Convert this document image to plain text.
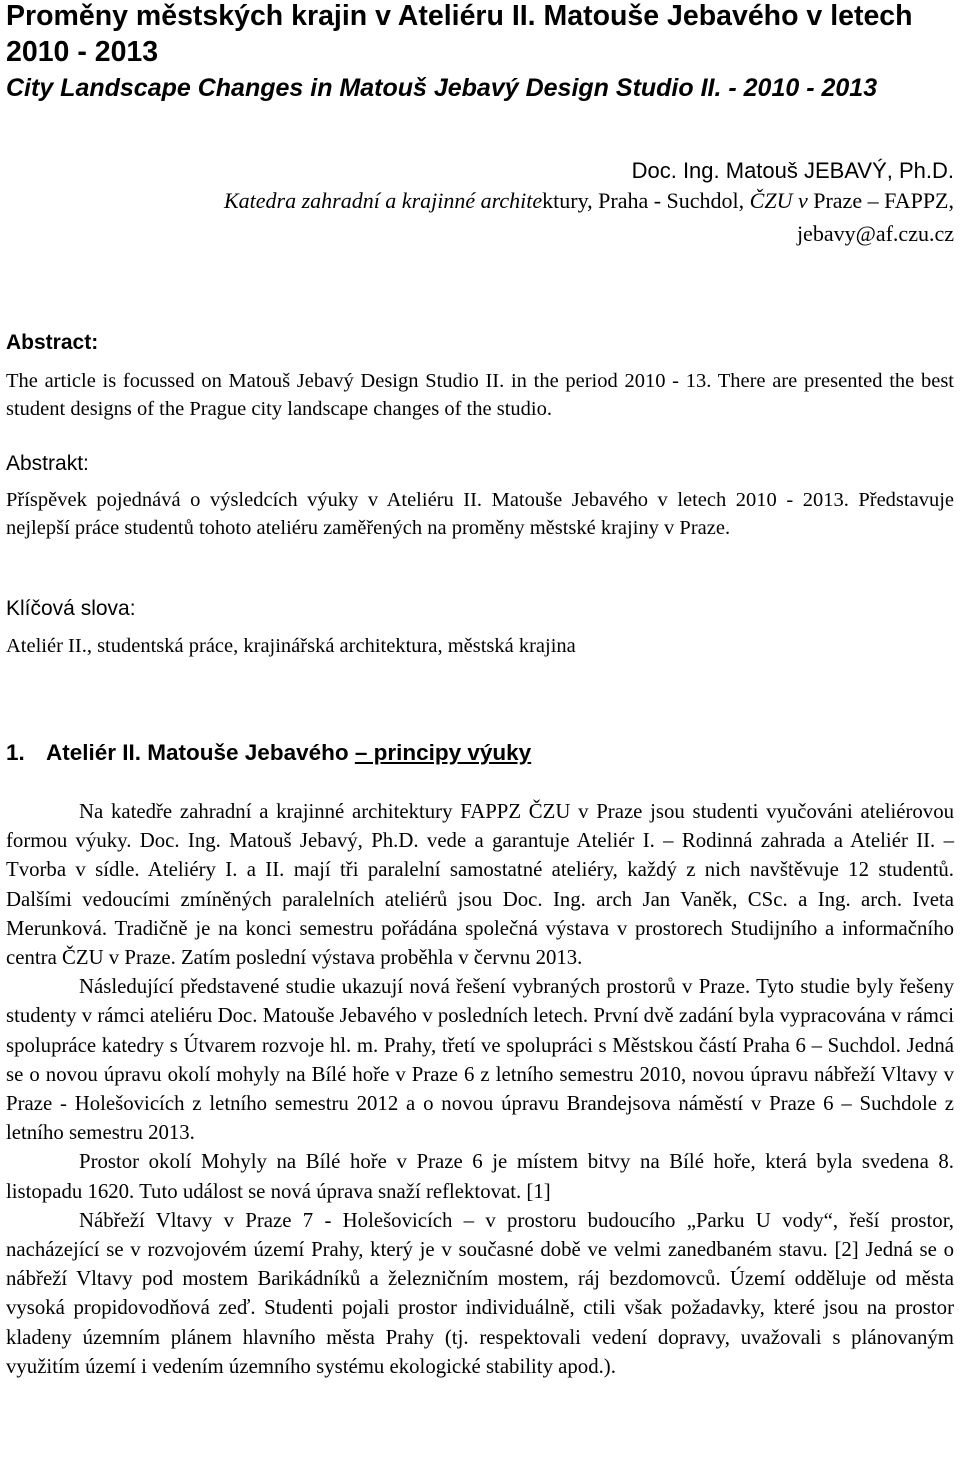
Proměny městských krajin v Ateliéru II. Matouše Jebavého v letech 2010 - 2013
City Landscape Changes in Matouš Jebavý Design Studio II. - 2010 - 2013
Doc. Ing. Matouš JEBAVÝ, Ph.D.
Katedra zahradní a krajinné architektury, Praha - Suchdol, ČZU v Praze – FAPPZ,
jebavy@af.czu.cz
Abstract:
The article is focussed on Matouš Jebavý Design Studio II. in the period 2010 - 13. There are presented the best student designs of the Prague city landscape changes of the studio.
Abstrakt:
Příspěvek pojednává o výsledcích výuky v Ateliéru II. Matouše Jebavého v letech 2010 - 2013. Představuje nejlepší práce studentů tohoto ateliéru zaměřených na proměny městské krajiny v Praze.
Klíčová slova:
Ateliér II., studentská práce, krajinářská architektura, městská krajina
1. Ateliér II. Matouše Jebavého – principy výuky

Na katedře zahradní a krajinné architektury FAPPZ ČZU v Praze jsou studenti vyučováni ateliérovou formou výuky. Doc. Ing. Matouš Jebavý, Ph.D. vede a garantuje Ateliér I. – Rodinná zahrada a Ateliér II. – Tvorba v sídle. Ateliéry I. a II. mají tři paralelní samostatné ateliéry, každý z nich navštěvuje 12 studentů. Dalšími vedoucími zmíněných paralelních ateliérů jsou Doc. Ing. arch Jan Vaněk, CSc. a Ing. arch. Iveta Merunková. Tradičně je na konci semestru pořádána společná výstava v prostorech Studijního a informačního centra ČZU v Praze. Zatím poslední výstava proběhla v červnu 2013.

Následující představené studie ukazují nová řešení vybraných prostorů v Praze. Tyto studie byly řešeny studenty v rámci ateliéru Doc. Matouše Jebavého v posledních letech. První dvě zadání byla vypracována v rámci spolupráce katedry s Útvarem rozvoje hl. m. Prahy, třetí ve spolupráci s Městskou částí Praha 6 – Suchdol. Jedná se o novou úpravu okolí mohyly na Bílé hoře v Praze 6 z letního semestru 2010, novou úpravu nábřeží Vltavy v Praze - Holešovicích z letního semestru 2012 a o novou úpravu Brandejsova náměstí v Praze 6 – Suchdole z letního semestru 2013.

Prostor okolí Mohyly na Bílé hoře v Praze 6 je místem bitvy na Bílé hoře, která byla svedena 8. listopadu 1620. Tuto událost se nová úprava snaží reflektovat. [1]

Nábřeží Vltavy v Praze 7 - Holešovicích – v prostoru budoucího „Parku U vody“, řeší prostor, nacházející se v rozvojovém území Prahy, který je v současné době ve velmi zanedbaném stavu. [2] Jedná se o nábřeží Vltavy pod mostem Barikádníků a železničním mostem, ráj bezdomovců. Území odděluje od města vysoká propidovodňová zeď. Studenti pojali prostor individuálně, ctili však požadavky, které jsou na prostor kladeny územním plánem hlavního města Prahy (tj. respektovali vedení dopravy, uvažovali s plánovaným využitím území i vedením územního systému ekologické stability apod.).
